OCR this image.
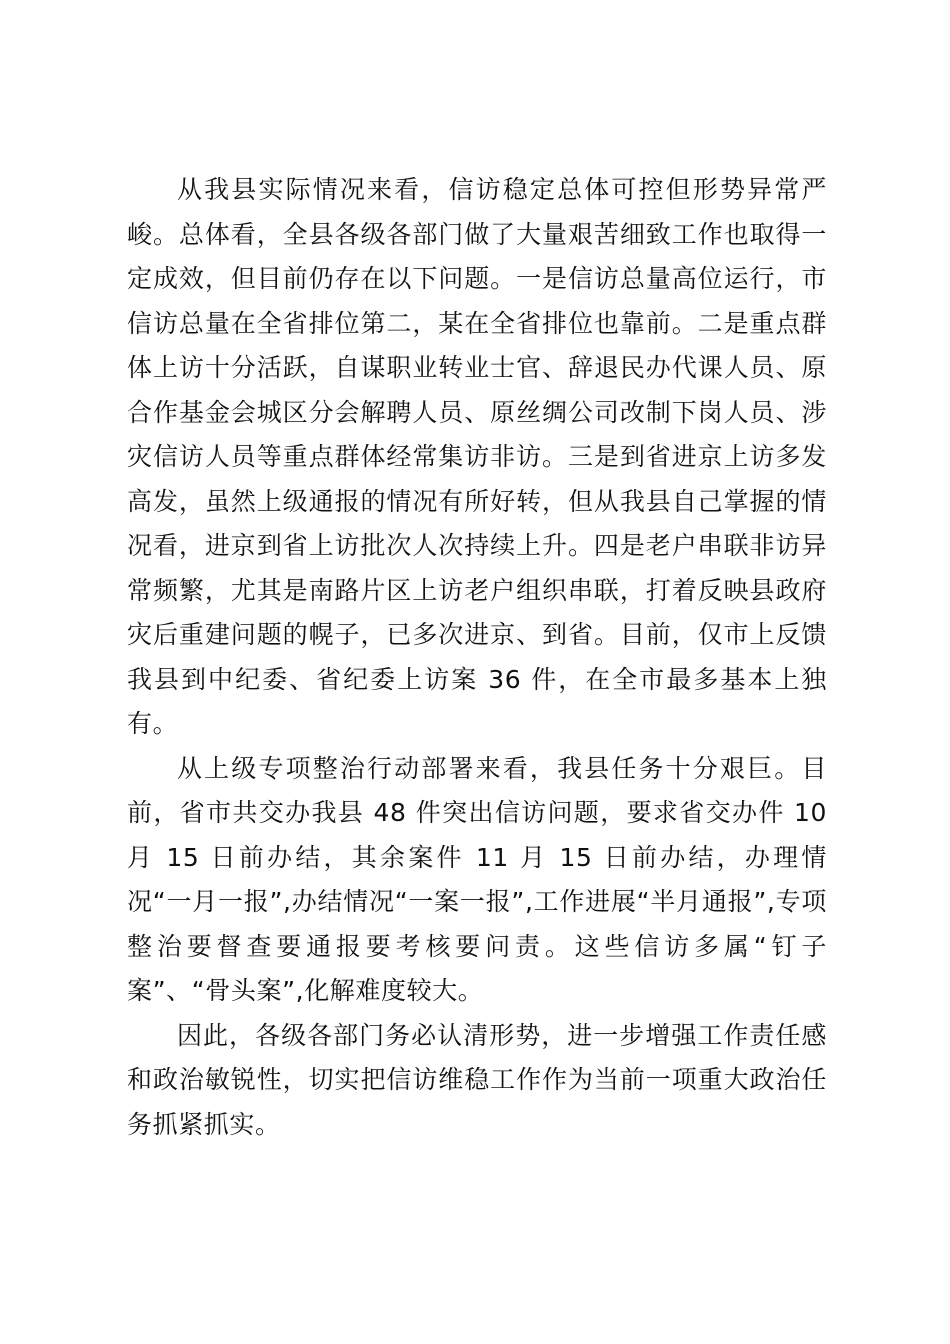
从我县实际情况来看，信访稳定总体可控但形势异常严峻。总体看，全县各级各部门做了大量艰苦细致工作也取得一定成效，但目前仍存在以下问题。一是信访总量高位运行，市信访总量在全省排位第二，某在全省排位也靠前。二是重点群体上访十分活跃，自谋职业转业士官、辞退民办代课人员、原合作基金会城区分会解聘人员、原丝绸公司改制下岗人员、涉灾信访人员等重点群体经常集访非访。三是到省进京上访多发高发，虽然上级通报的情况有所好转，但从我县自己掌握的情况看，进京到省上访批次人次持续上升。四是老户串联非访异常频繁，尤其是南路片区上访老户组织串联，打着反映县政府灾后重建问题的幌子，已多次进京、到省。目前，仅市上反馈我县到中纪委、省纪委上访案 36 件，在全市最多基本上独有。

从上级专项整治行动部署来看，我县任务十分艰巨。目前，省市共交办我县 48 件突出信访问题，要求省交办件 10 月 15 日前办结，其余案件 11 月 15 日前办结，办理情况“一月一报”,办结情况“一案一报”,工作进展“半月通报”,专项整治要督查要通报要考核要问责。这些信访多属“钉子案”、“骨头案”,化解难度较大。

因此，各级各部门务必认清形势，进一步增强工作责任感和政治敏锐性，切实把信访维稳工作作为当前一项重大政治任务抓紧抓实。
